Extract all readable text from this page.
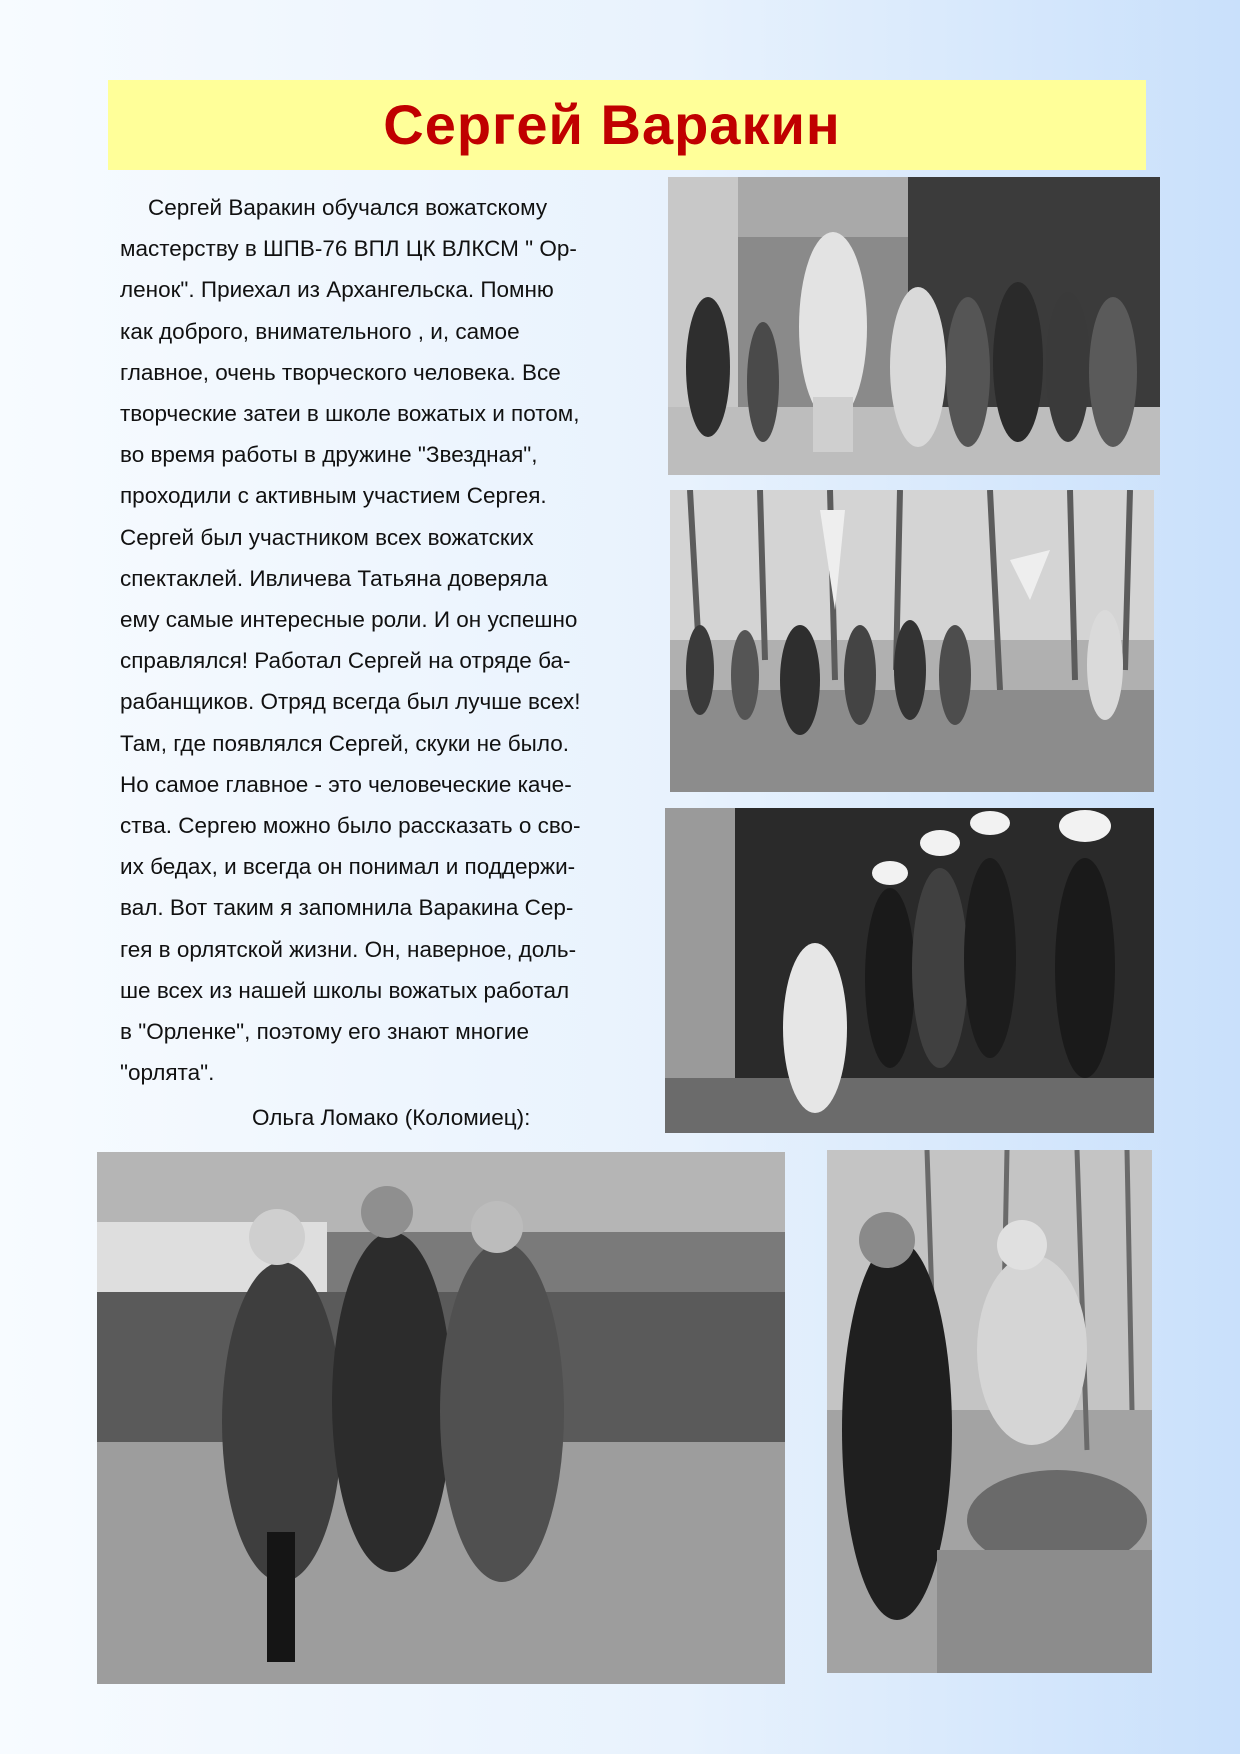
Сергей Варакин

Сергей Варакин обучался вожатскому

мастерству в ШПВ-76 ВПЛ ЦК ВЛКСМ " Ор-

ленок". Приехал из Архангельска. Помню

как доброго, внимательного , и, самое

главное, очень творческого человека. Все

творческие затеи в школе вожатых и потом,

во время работы в дружине "Звездная",

проходили с активным участием Сергея.

Сергей был участником всех вожатских

спектаклей. Ивличева Татьяна доверяла

ему самые интересные роли. И он успешно

справлялся! Работал Сергей на отряде ба-

рабанщиков. Отряд всегда был лучше всех!

Там, где появлялся Сергей, скуки не было.

Но самое главное - это человеческие каче-

ства. Сергею можно было рассказать о сво-

их бедах, и всегда он понимал и поддержи-

вал. Вот таким я запомнила Варакина Сер-

гея в орлятской жизни. Он, наверное, доль-

ше всех из нашей школы вожатых работал

в "Орленке", поэтому его знают многие

"орлята".

Ольга Ломако (Коломиец):
